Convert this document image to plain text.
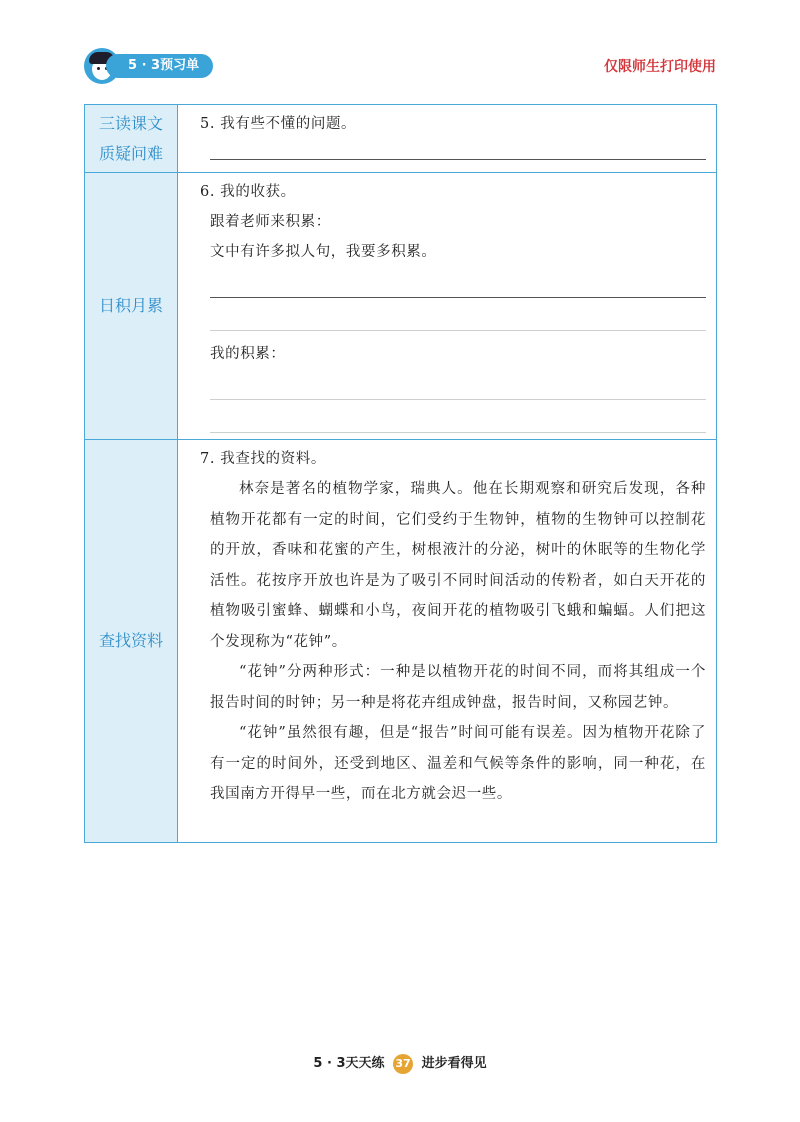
5 · 3预习单	仅限师生打印使用
三读课文
质疑问难
5. 我有些不懂的问题。
日积月累
6. 我的收获。
跟着老师来积累：
文中有许多拟人句，我要多积累。
我的积累：
查找资料
7. 我查找的资料。

林奈是著名的植物学家，瑞典人。他在长期观察和研究后发现，各种植物开花都有一定的时间，它们受约于生物钟，植物的生物钟可以控制花的开放，香味和花蜜的产生，树根液汁的分泌，树叶的休眠等的生物化学活性。花按序开放也许是为了吸引不同时间活动的传粉者，如白天开花的植物吸引蜜蜂、蝴蝶和小鸟，夜间开花的植物吸引飞蛾和蝙蝠。人们把这个发现称为“花钟”。

“花钟”分两种形式：一种是以植物开花的时间不同，而将其组成一个报告时间的时钟；另一种是将花卉组成钟盘，报告时间，又称园艺钟。

“花钟”虽然很有趣，但是“报告”时间可能有误差。因为植物开花除了有一定的时间外，还受到地区、温差和气候等条件的影响，同一种花，在我国南方开得早一些，而在北方就会迟一些。

5 · 3天天练 37 进步看得见
